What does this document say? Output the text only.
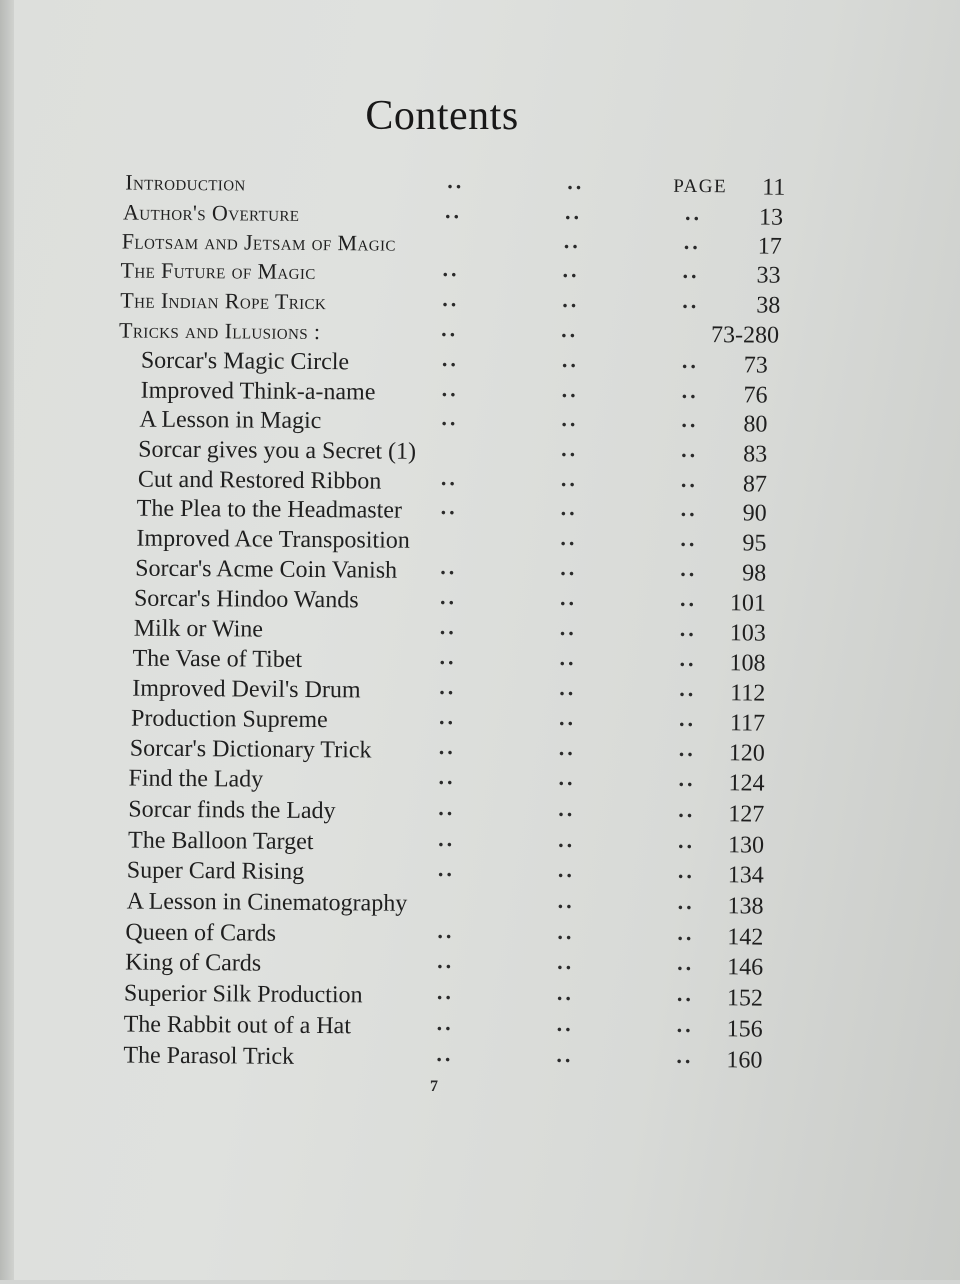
Contents
Introduction	..	..	PAGE 11
Author's Overture	..	..	.. 13
Flotsam and Jetsam of Magic	..	.. 17
The Future of Magic	..	..	.. 33
The Indian Rope Trick	..	..	.. 38
Tricks and Illusions :	..	..	73-280
Sorcar's Magic Circle	..	..	.. 73
Improved Think-a-name	..	..	.. 76
A Lesson in Magic	..	..	.. 80
Sorcar gives you a Secret (1)	..	.. 83
Cut and Restored Ribbon	..	..	.. 87
The Plea to the Headmaster ..	..	.. 90
Improved Ace Transposition	..	.. 95
Sorcar's Acme Coin Vanish ..	..	.. 98
Sorcar's Hindoo Wands	..	..	.. 101
Milk or Wine	..	..	.. 103
The Vase of Tibet	..	..	.. 108
Improved Devil's Drum	..	..	.. 112
Production Supreme	..	..	.. 117
Sorcar's Dictionary Trick	..	..	.. 120
Find the Lady	..	..	.. 124
Sorcar finds the Lady	..	..	.. 127
The Balloon Target	..	..	.. 130
Super Card Rising	..	..	.. 134
A Lesson in Cinematography	..	.. 138
Queen of Cards	..	..	.. 142
King of Cards	..	..	.. 146
Superior Silk Production	..	..	.. 152
The Rabbit out of a Hat	..	..	.. 156
The Parasol Trick	..	..	.. 160
7
